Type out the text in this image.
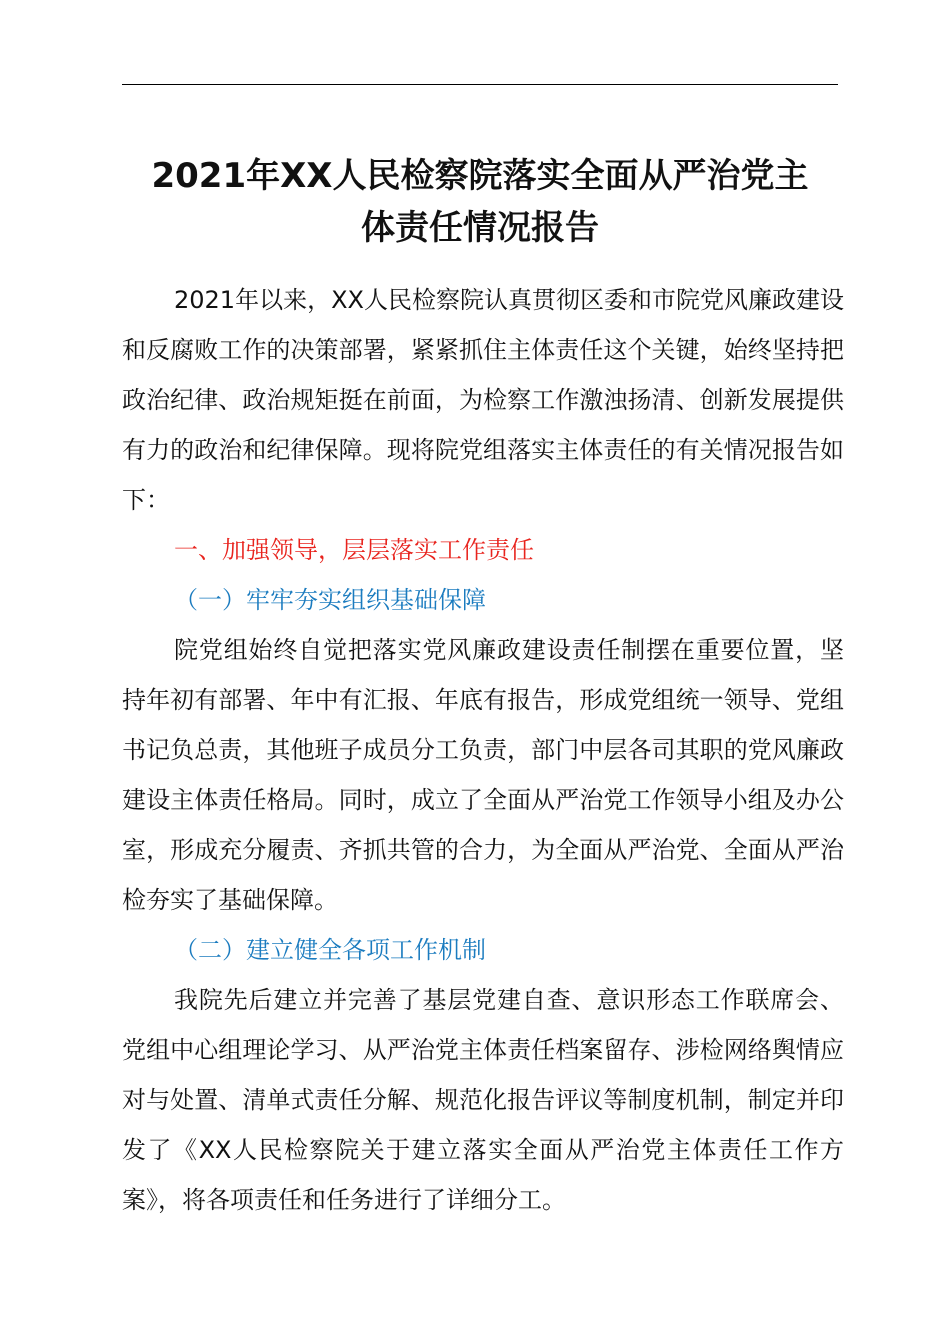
2021年XX人民检察院落实全面从严治党主
体责任情况报告

2021年以来，XX人民检察院认真贯彻区委和市院党风廉政建设和反腐败工作的决策部署，紧紧抓住主体责任这个关键，始终坚持把政治纪律、政治规矩挺在前面，为检察工作激浊扬清、创新发展提供有力的政治和纪律保障。现将院党组落实主体责任的有关情况报告如下：

一、加强领导，层层落实工作责任

（一）牢牢夯实组织基础保障

院党组始终自觉把落实党风廉政建设责任制摆在重要位置，坚持年初有部署、年中有汇报、年底有报告，形成党组统一领导、党组书记负总责，其他班子成员分工负责，部门中层各司其职的党风廉政建设主体责任格局。同时，成立了全面从严治党工作领导小组及办公室，形成充分履责、齐抓共管的合力，为全面从严治党、全面从严治检夯实了基础保障。

（二）建立健全各项工作机制

我院先后建立并完善了基层党建自查、意识形态工作联席会、党组中心组理论学习、从严治党主体责任档案留存、涉检网络舆情应对与处置、清单式责任分解、规范化报告评议等制度机制，制定并印发了《XX人民检察院关于建立落实全面从严治党主体责任工作方案》，将各项责任和任务进行了详细分工。
